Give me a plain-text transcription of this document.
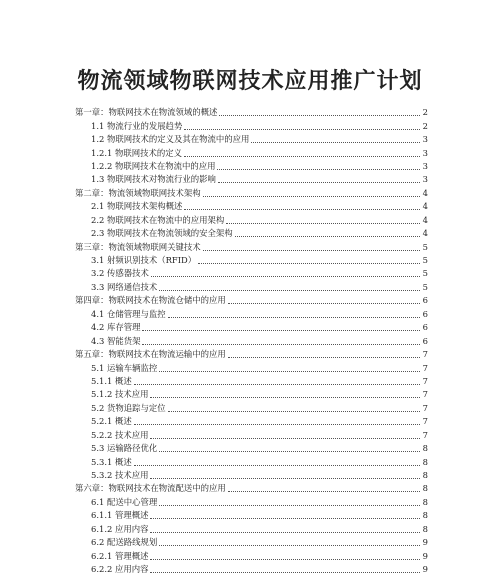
物流领域物联网技术应用推广计划
第一章：物联网技术在物流领域的概述	2
1.1 物流行业的发展趋势	2
1.2 物联网技术的定义及其在物流中的应用	3
1.2.1 物联网技术的定义	3
1.2.2 物联网技术在物流中的应用	3
1.3 物联网技术对物流行业的影响	3
第二章：物流领域物联网技术架构	4
2.1 物联网技术架构概述	4
2.2 物联网技术在物流中的应用架构	4
2.3 物联网技术在物流领域的安全架构	4
第三章：物流领域物联网关键技术	5
3.1 射频识别技术（RFID）	5
3.2 传感器技术	5
3.3 网络通信技术	5
第四章：物联网技术在物流仓储中的应用	6
4.1 仓储管理与监控	6
4.2 库存管理	6
4.3 智能货架	6
第五章：物联网技术在物流运输中的应用	7
5.1 运输车辆监控	7
5.1.1 概述	7
5.1.2 技术应用	7
5.2 货物追踪与定位	7
5.2.1 概述	7
5.2.2 技术应用	7
5.3 运输路径优化	8
5.3.1 概述	8
5.3.2 技术应用	8
第六章：物联网技术在物流配送中的应用	8
6.1 配送中心管理	8
6.1.1 管理概述	8
6.1.2 应用内容	8
6.2 配送路线规划	9
6.2.1 管理概述	9
6.2.2 应用内容	9
